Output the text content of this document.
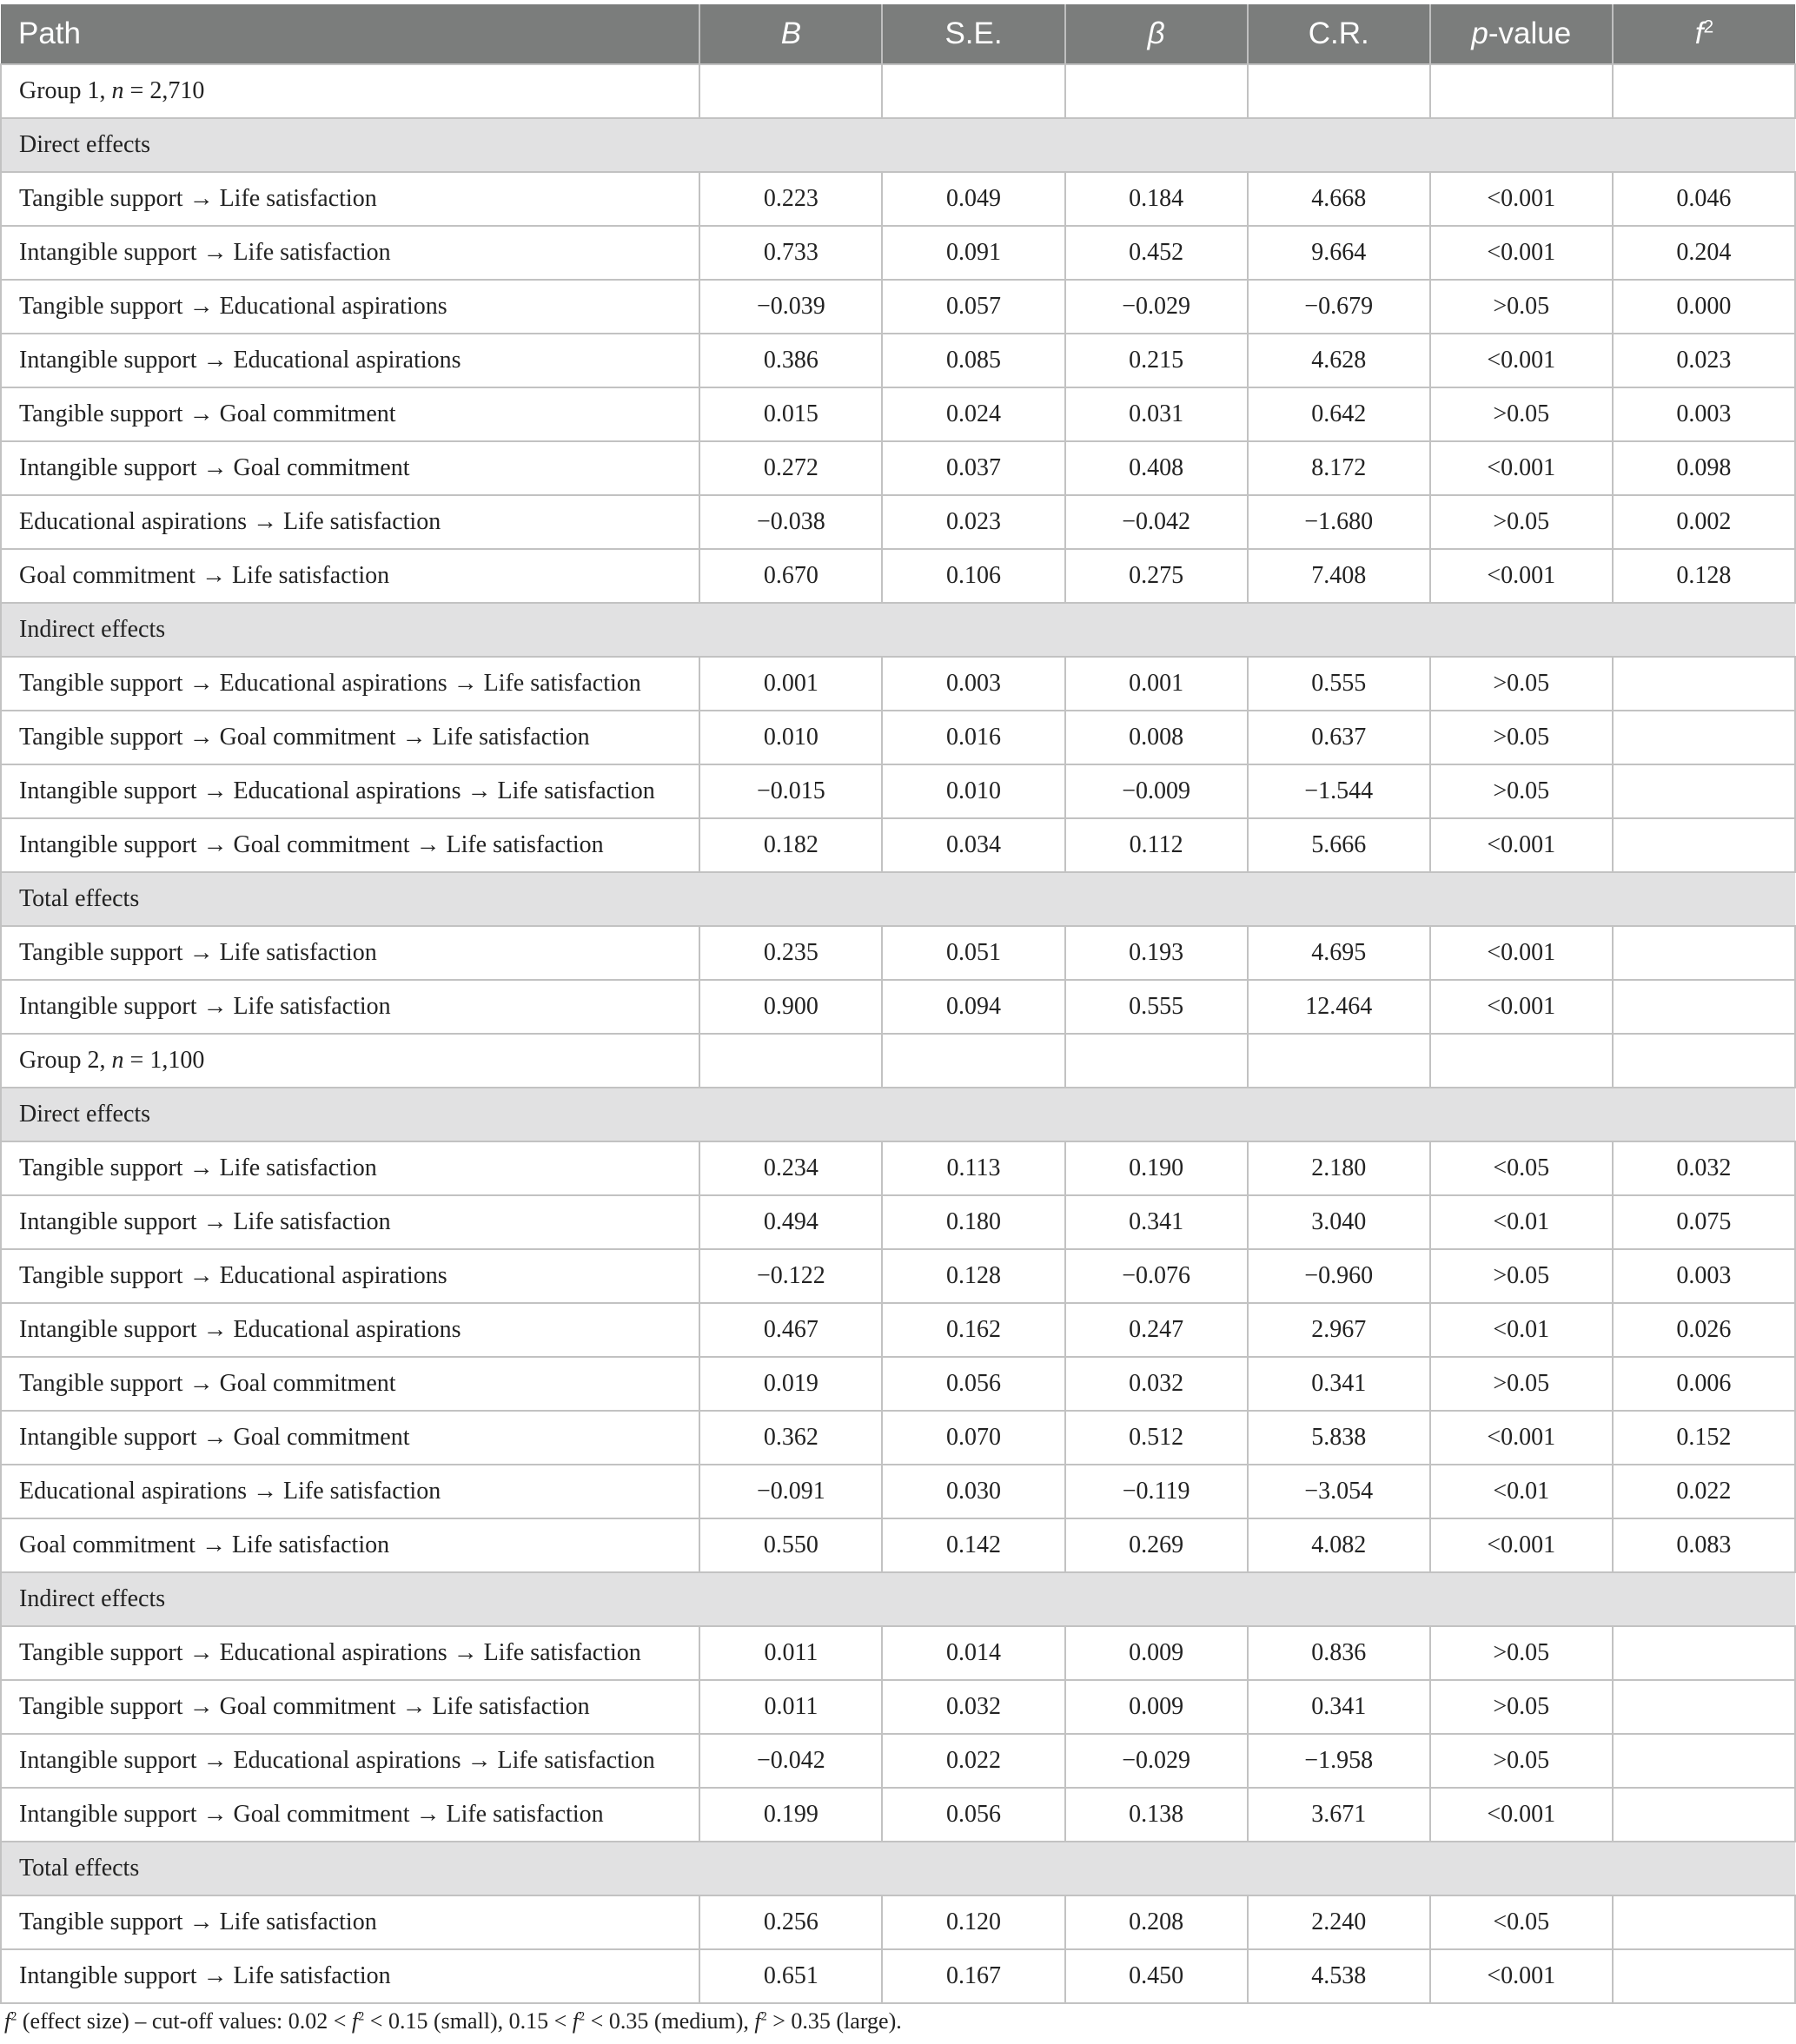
Path	B	S.E.	β	C.R.	p-value	$f^2$
Group 1, n = 2,710						
Direct effects						
Tangible support → Life satisfaction	0.223	0.049	0.184	4.668	<0.001	0.046
Intangible support → Life satisfaction	0.733	0.091	0.452	9.664	<0.001	0.204
Tangible support → Educational aspirations	−0.039	0.057	−0.029	−0.679	>0.05	0.000
Intangible support → Educational aspirations	0.386	0.085	0.215	4.628	<0.001	0.023
Tangible support → Goal commitment	0.015	0.024	0.031	0.642	>0.05	0.003
Intangible support → Goal commitment	0.272	0.037	0.408	8.172	<0.001	0.098
Educational aspirations → Life satisfaction	−0.038	0.023	−0.042	−1.680	>0.05	0.002
Goal commitment → Life satisfaction	0.670	0.106	0.275	7.408	<0.001	0.128
Indirect effects						
Tangible support → Educational aspirations → Life satisfaction	0.001	0.003	0.001	0.555	>0.05	
Tangible support → Goal commitment → Life satisfaction	0.010	0.016	0.008	0.637	>0.05	
Intangible support → Educational aspirations → Life satisfaction	−0.015	0.010	−0.009	−1.544	>0.05	
Intangible support → Goal commitment → Life satisfaction	0.182	0.034	0.112	5.666	<0.001	
Total effects						
Tangible support → Life satisfaction	0.235	0.051	0.193	4.695	<0.001	
Intangible support → Life satisfaction	0.900	0.094	0.555	12.464	<0.001	
Group 2, n = 1,100						
Direct effects						
Tangible support → Life satisfaction	0.234	0.113	0.190	2.180	<0.05	0.032
Intangible support → Life satisfaction	0.494	0.180	0.341	3.040	<0.01	0.075
Tangible support → Educational aspirations	−0.122	0.128	−0.076	−0.960	>0.05	0.003
Intangible support → Educational aspirations	0.467	0.162	0.247	2.967	<0.01	0.026
Tangible support → Goal commitment	0.019	0.056	0.032	0.341	>0.05	0.006
Intangible support → Goal commitment	0.362	0.070	0.512	5.838	<0.001	0.152
Educational aspirations → Life satisfaction	−0.091	0.030	−0.119	−3.054	<0.01	0.022
Goal commitment → Life satisfaction	0.550	0.142	0.269	4.082	<0.001	0.083
Indirect effects						
Tangible support → Educational aspirations → Life satisfaction	0.011	0.014	0.009	0.836	>0.05	
Tangible support → Goal commitment → Life satisfaction	0.011	0.032	0.009	0.341	>0.05	
Intangible support → Educational aspirations → Life satisfaction	−0.042	0.022	−0.029	−1.958	>0.05	
Intangible support → Goal commitment → Life satisfaction	0.199	0.056	0.138	3.671	<0.001	
Total effects						
Tangible support → Life satisfaction	0.256	0.120	0.208	2.240	<0.05	
Intangible support → Life satisfaction	0.651	0.167	0.450	4.538	<0.001	
$f^2$ (effect size) – cut-off values: $0.02 < f^2 < 0.15$ (small), $0.15 < f^2 < 0.35$ (medium), $f^2 > 0.35$ (large).
